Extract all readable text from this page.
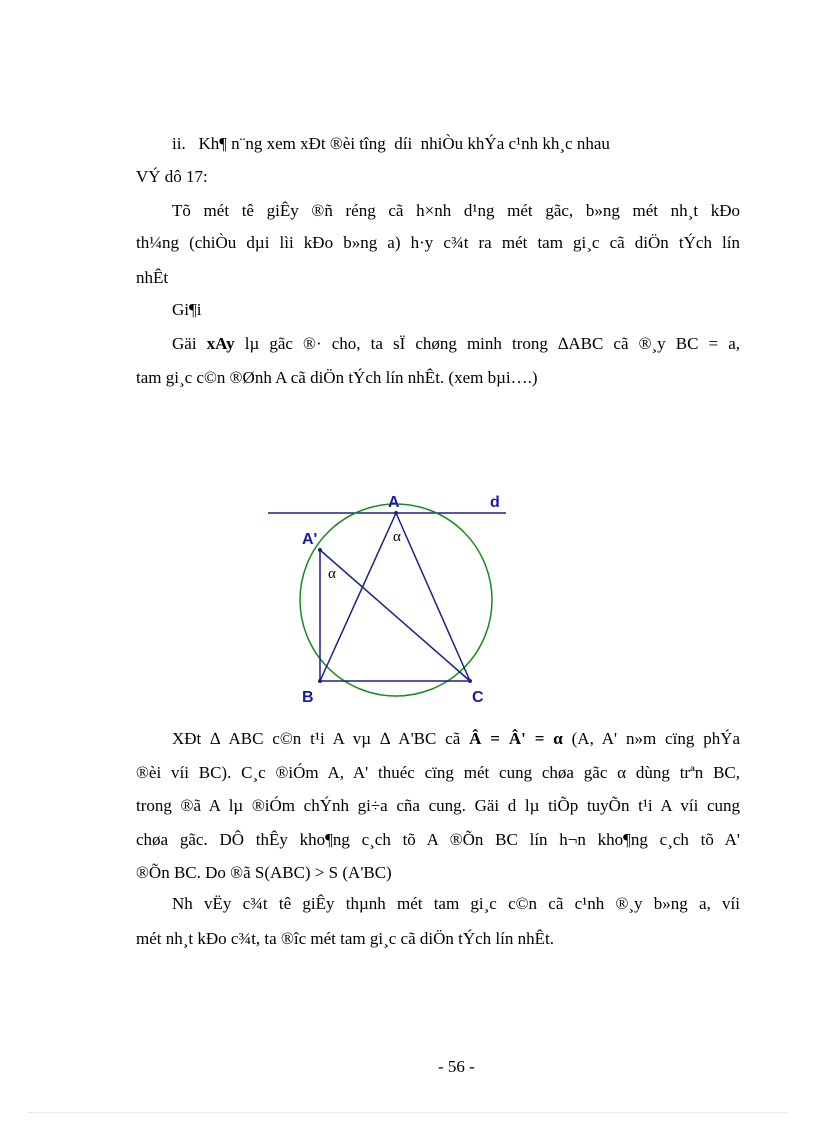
ii.   Kh¶ n¨ng xem xÐt ®èi tîng  díi  nhiÒu khÝa c¹nh kh¸c nhau
VÝ dô 17:
Tõ mét tê giÊy ®ñ réng cã h×nh d¹ng mét gãc, b»ng mét nh¸t kÐo
th¼ng (chiÒu dµi lìi kÐo b»ng a) h·y c¾t ra mét tam gi¸c cã diÖn tÝch lín
nhÊt
Gi¶i
Gäi xAy lµ gãc ®· cho, ta sÏ chøng minh trong ∆ABC cã ®¸y BC = a,
tam gi¸c c©n ®Ønh A cã diÖn tÝch lín nhÊt. (xem bµi….)
A	d
A'
B	C
α
α
XÐt ∆ ABC c©n t¹i A vµ ∆ A'BC cã Â = Â' = α (A, A' n»m cïng phÝa
®èi víi BC). C¸c ®iÓm A, A' thuéc cïng mét cung chøa gãc α dùng trªn BC,
trong ®ã A lµ ®iÓm chÝnh gi÷a cña cung. Gäi d lµ tiÕp tuyÕn t¹i A víi cung
chøa gãc. DÔ thÊy kho¶ng c¸ch tõ A ®Õn BC lín h¬n kho¶ng c¸ch tõ A'
®Õn BC. Do ®ã S(ABC) > S (A'BC)
Nh vËy c¾t tê giÊy thµnh mét tam gi¸c c©n cã c¹nh ®¸y b»ng a, víi
mét nh¸t kÐo c¾t, ta ®îc mét tam gi¸c cã diÖn tÝch lín nhÊt.
- 56 -
